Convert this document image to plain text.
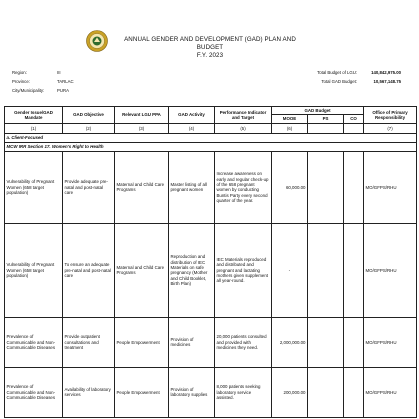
ANNUAL GENDER AND DEVELOPMENT (GAD) PLAN AND BUDGET
F.Y. 2023
Region:	III
Province:	TARLAC
City/Municipality:	PURA
Total Budget of LGU:	140,842,975.00
Total GAD Budget:	10,567,148.75
Gender Issue/GAD Mandate	GAD Objective	Relevant LGU PPA	GAD Activity	Performance Indicator and Target	GAD Budget			Office of Primary Responsibility
					MOOE	PS	CO	
(1)	(2)	(3)	(4)	(5)	(6)			(7)
a. Client-Focused								
MCW IRR Section 17. Women's Right to Health								
Vulnerability of Pregnant Women (658 target population)	Provide adequate pre-natal and post-natal care	Maternal and Child Care Programs	Master listing of all pregnant women	Increase awareness on early and regular check-up of the 658 pregnant women by conducting Buntis Party every second quarter of the year.	60,000.00			MO/GFPS/RHU
Vulnerability of Pregnant Women (658 target population)	To ensure an adequate pre-natal and post-natal care	Maternal and Child Care Programs	Reproduction and distribution of IEC Materials on safe pregnancy (Mother and Child Booklet, Birth Plan)	IEC Materials reproduced and distributed and pregnant and lactating mothers given supplement all year-round.	-			MO/GFPS/RHU
Prevalence of Communicable and Non-Communicable Diseases	Provide outpatient consultations and treatment	People Empowerment	Provision of medicines	20,000 patients consulted and provided with medicines they need.	2,000,000.00			MO/GFPS/RHU
Prevalence of Communicable and Non-Communicable Diseases	Availability of laboratory services	People Empowerment	Provision of laboratory supplies	8,000 patients seeking laboratory service assisted.	200,000.00			MO/GFPS/RHU
